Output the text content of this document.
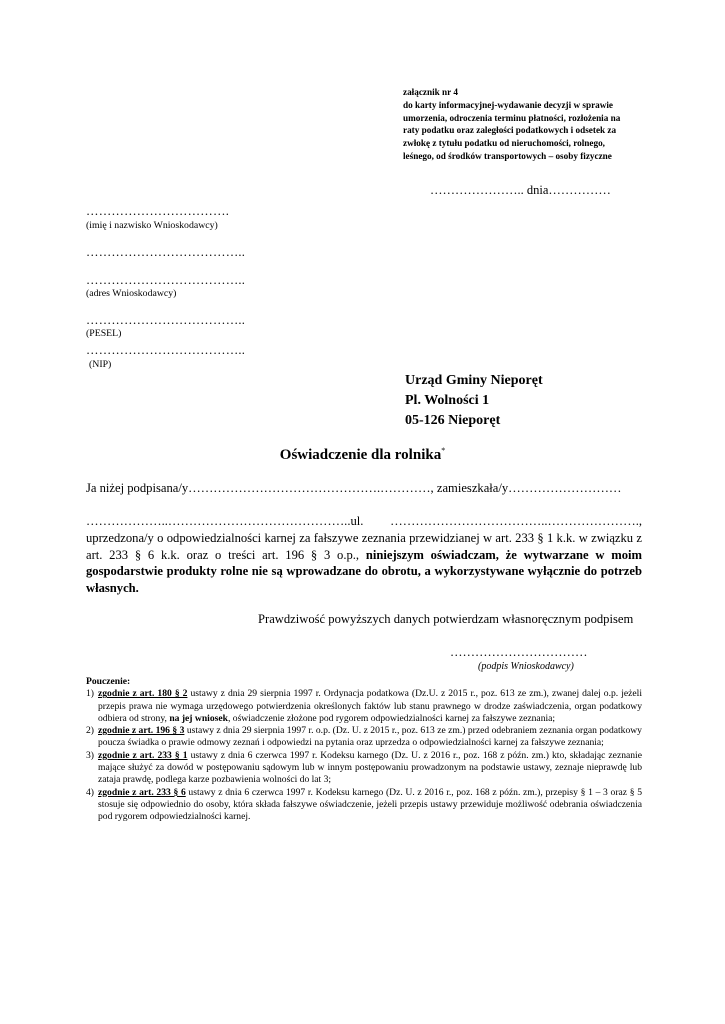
załącznik nr 4
do karty informacyjnej-wydawanie decyzji w sprawie
umorzenia, odroczenia terminu płatności, rozłożenia na
raty podatku oraz zaległości podatkowych i odsetek za
zwłokę z tytułu podatku od nieruchomości, rolnego,
leśnego, od środków transportowych – osoby fizyczne
………………….. dnia……………
…………………………….
(imię i nazwisko Wnioskodawcy)
………………………………..
………………………………..
(adres Wnioskodawcy)
………………………………..
(PESEL)
………………………………..
(NIP)
Urząd Gminy Nieporęt
Pl. Wolności 1
05-126 Nieporęt
Oświadczenie dla rolnika*
Ja niżej podpisana/y……………………………………….…………, zamieszkała/y………………………
………………..……………………………………..ul. ………………………………..………………….,
uprzedzona/y o odpowiedzialności karnej za fałszywe zeznania przewidzianej w art. 233 § 1 k.k. w związku z art. 233 § 6 k.k. oraz o treści art. 196 § 3 o.p., niniejszym oświadczam, że wytwarzane w moim gospodarstwie produkty rolne nie są wprowadzane do obrotu, a wykorzystywane wyłącznie do potrzeb własnych.
Prawdziwość powyższych danych potwierdzam własnoręcznym podpisem
……………………………
(podpis Wnioskodawcy)
Pouczenie:
1) zgodnie z art. 180 § 2 ustawy z dnia 29 sierpnia 1997 r. Ordynacja podatkowa (Dz.U. z 2015 r., poz. 613 ze zm.), zwanej dalej o.p. jeżeli przepis prawa nie wymaga urzędowego potwierdzenia określonych faktów lub stanu prawnego w drodze zaświadczenia, organ podatkowy odbiera od strony, na jej wniosek, oświadczenie złożone pod rygorem odpowiedzialności karnej za fałszywe zeznania;
2) zgodnie z art. 196 § 3 ustawy z dnia 29 sierpnia 1997 r. o.p. (Dz. U. z 2015 r., poz. 613 ze zm.) przed odebraniem zeznania organ podatkowy poucza świadka o prawie odmowy zeznań i odpowiedzi na pytania oraz uprzedza o odpowiedzialności karnej za fałszywe zeznania;
3) zgodnie z art. 233 § 1 ustawy z dnia 6 czerwca 1997 r. Kodeksu karnego (Dz. U. z 2016 r., poz. 168 z późn. zm.) kto, składając zeznanie mające służyć za dowód w postępowaniu sądowym lub w innym postępowaniu prowadzonym na podstawie ustawy, zeznaje nieprawdę lub zataja prawdę, podlega karze pozbawienia wolności do lat 3;
4) zgodnie z art. 233 § 6 ustawy z dnia 6 czerwca 1997 r. Kodeksu karnego (Dz. U. z 2016 r., poz. 168 z późn. zm.), przepisy § 1 – 3 oraz § 5 stosuje się odpowiednio do osoby, która składa fałszywe oświadczenie, jeżeli przepis ustawy przewiduje możliwość odebrania oświadczenia pod rygorem odpowiedzialności karnej.
